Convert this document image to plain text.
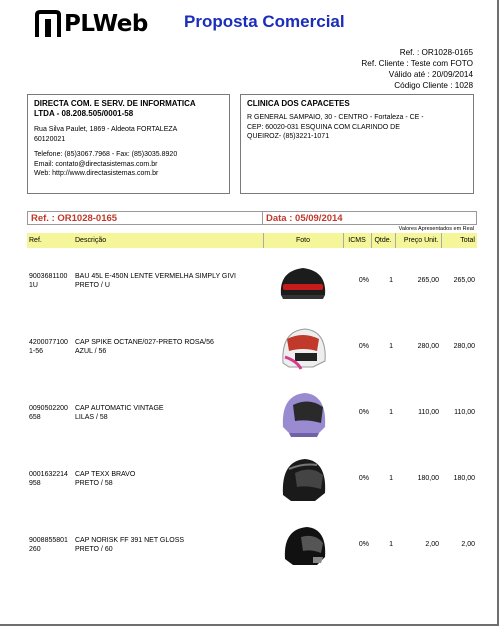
PLWeb Proposta Comercial
Ref. : OR1028-0165
Ref. Cliente : Teste com FOTO
Válido até : 20/09/2014
Código Cliente : 1028
DIRECTA COM. E SERV. DE INFORMATICA
LTDA - 08.208.505/0001-58
Rua Silva Paulet, 1869 - Aldeota FORTALEZA
60120021
Telefone: (85)3067.7968 - Fax: (85)3035.8920
Email: contato@directasistemas.com.br
Web: http://www.directasistemas.com.br
CLINICA DOS CAPACETES
R GENERAL SAMPAIO, 30 - CENTRO - Fortaleza - CE -
CEP: 60020-031 ESQUINA COM CLARINDO DE
QUEIROZ- (85)3221-1071
Ref. : OR1028-0165	Data : 05/09/2014
Valores Apresentados em Real
Ref.	Descrição	Foto	ICMS	Qtde.	Preço Unit.	Total
9003681100
1U	BAU 45L E-450N LENTE VERMELHA SIMPLY GIVI
PRETO / U		0%	1	265,00	265,00
4200077100
1-56	CAP SPIKE OCTANE/027-PRETO ROSA/56
AZUL / 56		0%	1	280,00	280,00
0090502200
658	CAP AUTOMATIC VINTAGE
LILAS / 58		0%	1	110,00	110,00
0001632214
958	CAP TEXX BRAVO
PRETO / 58		0%	1	180,00	180,00
9008855801
260	CAP NORISK FF 391 NET GLOSS
PRETO / 60		0%	1	2,00	2,00
